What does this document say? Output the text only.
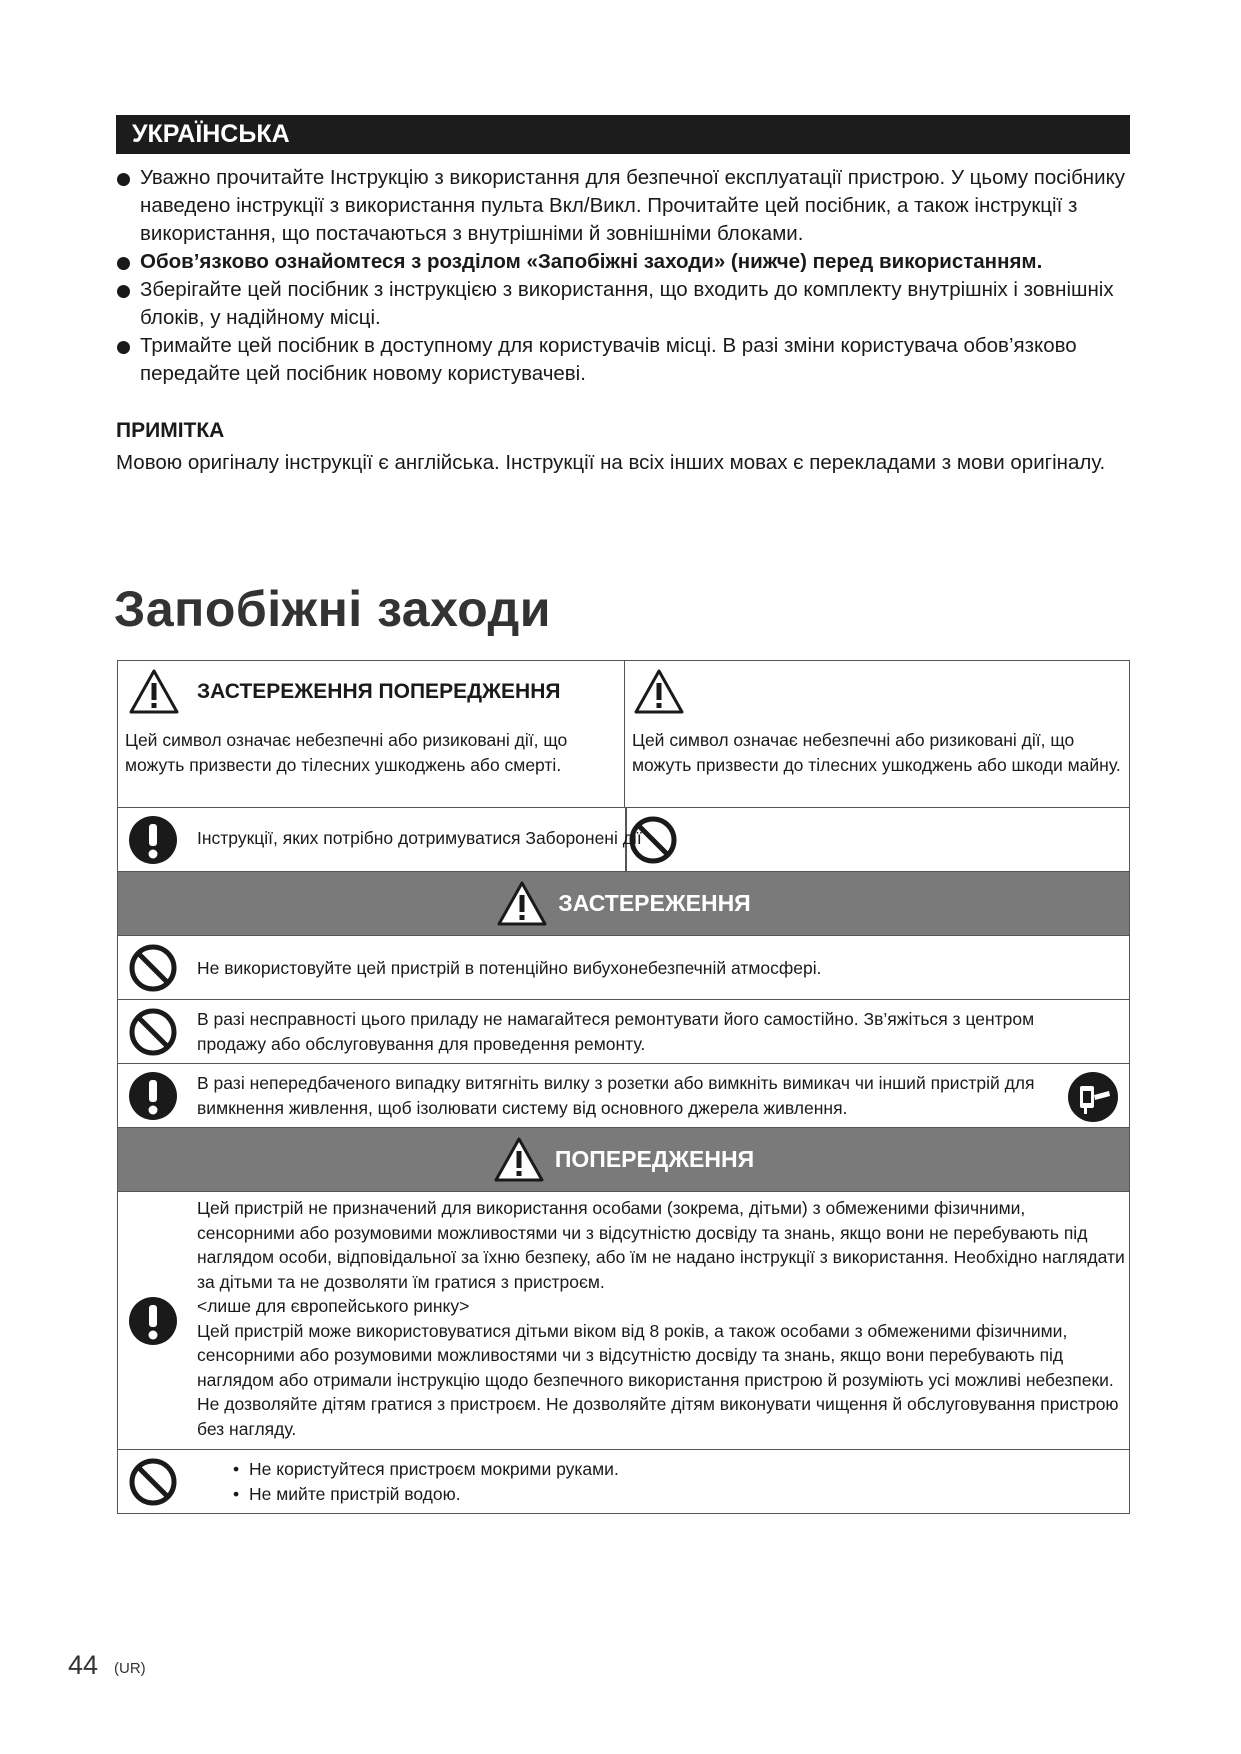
УКРАЇНСЬКА
Уважно прочитайте Інструкцію з використання для безпечної експлуатації пристрою. У цьому посібнику наведено інструкції з використання пульта Вкл/Викл. Прочитайте цей посібник, а також інструкції з використання, що постачаються з внутрішніми й зовнішніми блоками.
Обов’язково ознайомтеся з розділом «Запобіжні заходи» (нижче) перед використанням.
Зберігайте цей посібник з інструкцією з використання, що входить до комплекту внутрішніх і зовнішніх блоків, у надійному місці.
Тримайте цей посібник в доступному для користувачів місці. В разі зміни користувача обов’язково передайте цей посібник новому користувачеві.
ПРИМІТКА
Мовою оригіналу інструкції є англійська. Інструкції на всіх інших мовах є перекладами з мови оригіналу.
Запобіжні заходи
ЗАСТЕРЕЖЕННЯ ПОПЕРЕДЖЕННЯ
Цей символ означає небезпечні або ризиковані дії, що можуть призвести до тілесних ушкоджень або смерті.
Цей символ означає небезпечні або ризиковані дії, що можуть призвести до тілесних ушкоджень або шкоди майну.
Інструкції, яких потрібно дотримуватися Заборонені дії
ЗАСТЕРЕЖЕННЯ
Не використовуйте цей пристрій в потенційно вибухонебезпечній атмосфері.
В разі несправності цього приладу не намагайтеся ремонтувати його самостійно. Зв’яжіться з центром продажу або обслуговування для проведення ремонту.
В разі непередбаченого випадку витягніть вилку з розетки або вимкніть вимикач чи інший пристрій для вимкнення живлення, щоб ізолювати систему від основного джерела живлення.
ПОПЕРЕДЖЕННЯ
Цей пристрій не призначений для використання особами (зокрема, дітьми) з обмеженими фізичними, сенсорними або розумовими можливостями чи з відсутністю досвіду та знань, якщо вони не перебувають під наглядом особи, відповідальної за їхню безпеку, або їм не надано інструкції з використання. Необхідно наглядати за дітьми та не дозволяти їм гратися з пристроєм.
<лише для європейського ринку>
Цей пристрій може використовуватися дітьми віком від 8 років, а також особами з обмеженими фізичними, сенсорними або розумовими можливостями чи з відсутністю досвіду та знань, якщо вони перебувають під наглядом або отримали інструкцію щодо безпечного використання пристрою й розуміють усі можливі небезпеки. Не дозволяйте дітям гратися з пристроєм. Не дозволяйте дітям виконувати чищення й обслуговування пристрою без нагляду.
• Не користуйтеся пристроєм мокрими руками.
• Не мийте пристрій водою.
44 (UR)
